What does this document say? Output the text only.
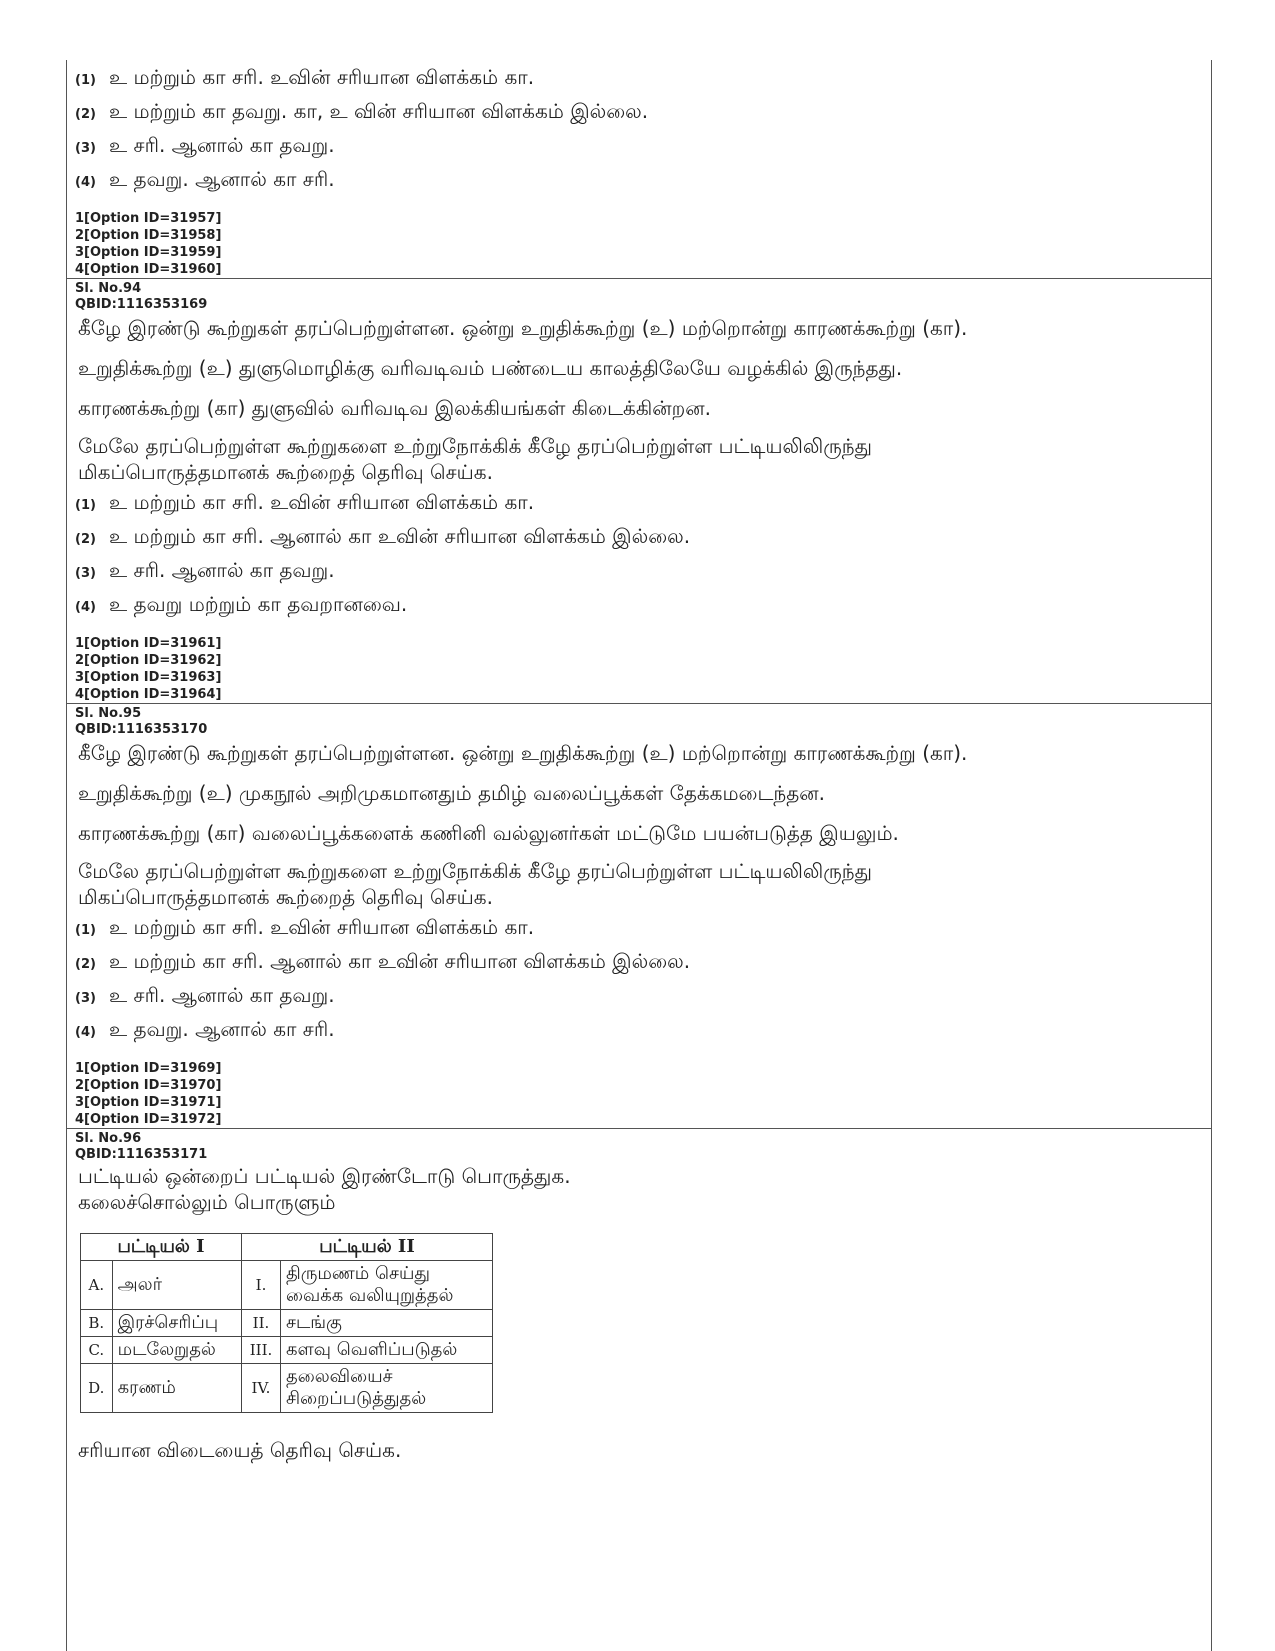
(1) உ மற்றும் கா சரி. உவின் சரியான விளக்கம் கா.
(2) உ மற்றும் கா தவறு. கா, உ வின் சரியான விளக்கம் இல்லை.
(3) உ சரி. ஆனால் கா தவறு.
(4) உ தவறு. ஆனால் கா சரி.
1[Option ID=31957]
2[Option ID=31958]
3[Option ID=31959]
4[Option ID=31960]
Sl. No.94
QBID:1116353169
கீழே இரண்டு கூற்றுகள் தரப்பெற்றுள்ளன. ஒன்று உறுதிக்கூற்று (உ) மற்றொன்று காரணக்கூற்று (கா).
உறுதிக்கூற்று (உ) துளுமொழிக்கு வரிவடிவம் பண்டைய காலத்திலேயே வழக்கில் இருந்தது.
காரணக்கூற்று (கா) துளுவில் வரிவடிவ இலக்கியங்கள் கிடைக்கின்றன.
மேலே தரப்பெற்றுள்ள கூற்றுகளை உற்றுநோக்கிக் கீழே தரப்பெற்றுள்ள பட்டியலிலிருந்து
மிகப்பொருத்தமானக் கூற்றைத் தெரிவு செய்க.
(1) உ மற்றும் கா சரி. உவின் சரியான விளக்கம் கா.
(2) உ மற்றும் கா சரி. ஆனால் கா உவின் சரியான விளக்கம் இல்லை.
(3) உ சரி. ஆனால் கா தவறு.
(4) உ தவறு மற்றும் கா தவறானவை.
1[Option ID=31961]
2[Option ID=31962]
3[Option ID=31963]
4[Option ID=31964]
Sl. No.95
QBID:1116353170
கீழே இரண்டு கூற்றுகள் தரப்பெற்றுள்ளன. ஒன்று உறுதிக்கூற்று (உ) மற்றொன்று காரணக்கூற்று (கா).
உறுதிக்கூற்று (உ) முகநூல் அறிமுகமானதும் தமிழ் வலைப்பூக்கள் தேக்கமடைந்தன.
காரணக்கூற்று (கா) வலைப்பூக்களைக் கணினி வல்லுனர்கள் மட்டுமே பயன்படுத்த இயலும்.
மேலே தரப்பெற்றுள்ள கூற்றுகளை உற்றுநோக்கிக் கீழே தரப்பெற்றுள்ள பட்டியலிலிருந்து
மிகப்பொருத்தமானக் கூற்றைத் தெரிவு செய்க.
(1) உ மற்றும் கா சரி. உவின் சரியான விளக்கம் கா.
(2) உ மற்றும் கா சரி. ஆனால் கா உவின் சரியான விளக்கம் இல்லை.
(3) உ சரி. ஆனால் கா தவறு.
(4) உ தவறு. ஆனால் கா சரி.
1[Option ID=31969]
2[Option ID=31970]
3[Option ID=31971]
4[Option ID=31972]
Sl. No.96
QBID:1116353171
பட்டியல் ஒன்றைப் பட்டியல் இரண்டோடு பொருத்துக.
கலைச்சொல்லும் பொருளும்
பட்டியல் I		பட்டியல் II	
A.	அலர்	I.	திருமணம் செய்து
வைக்க வலியுறுத்தல்

B.	இரச்செரிப்பு	II.	சடங்கு
C.	மடலேறுதல்	III.	களவு வெளிப்படுதல்
D.	கரணம்	IV.	தலைவியைச்
சிறைப்படுத்துதல்
சரியான விடையைத் தெரிவு செய்க.
